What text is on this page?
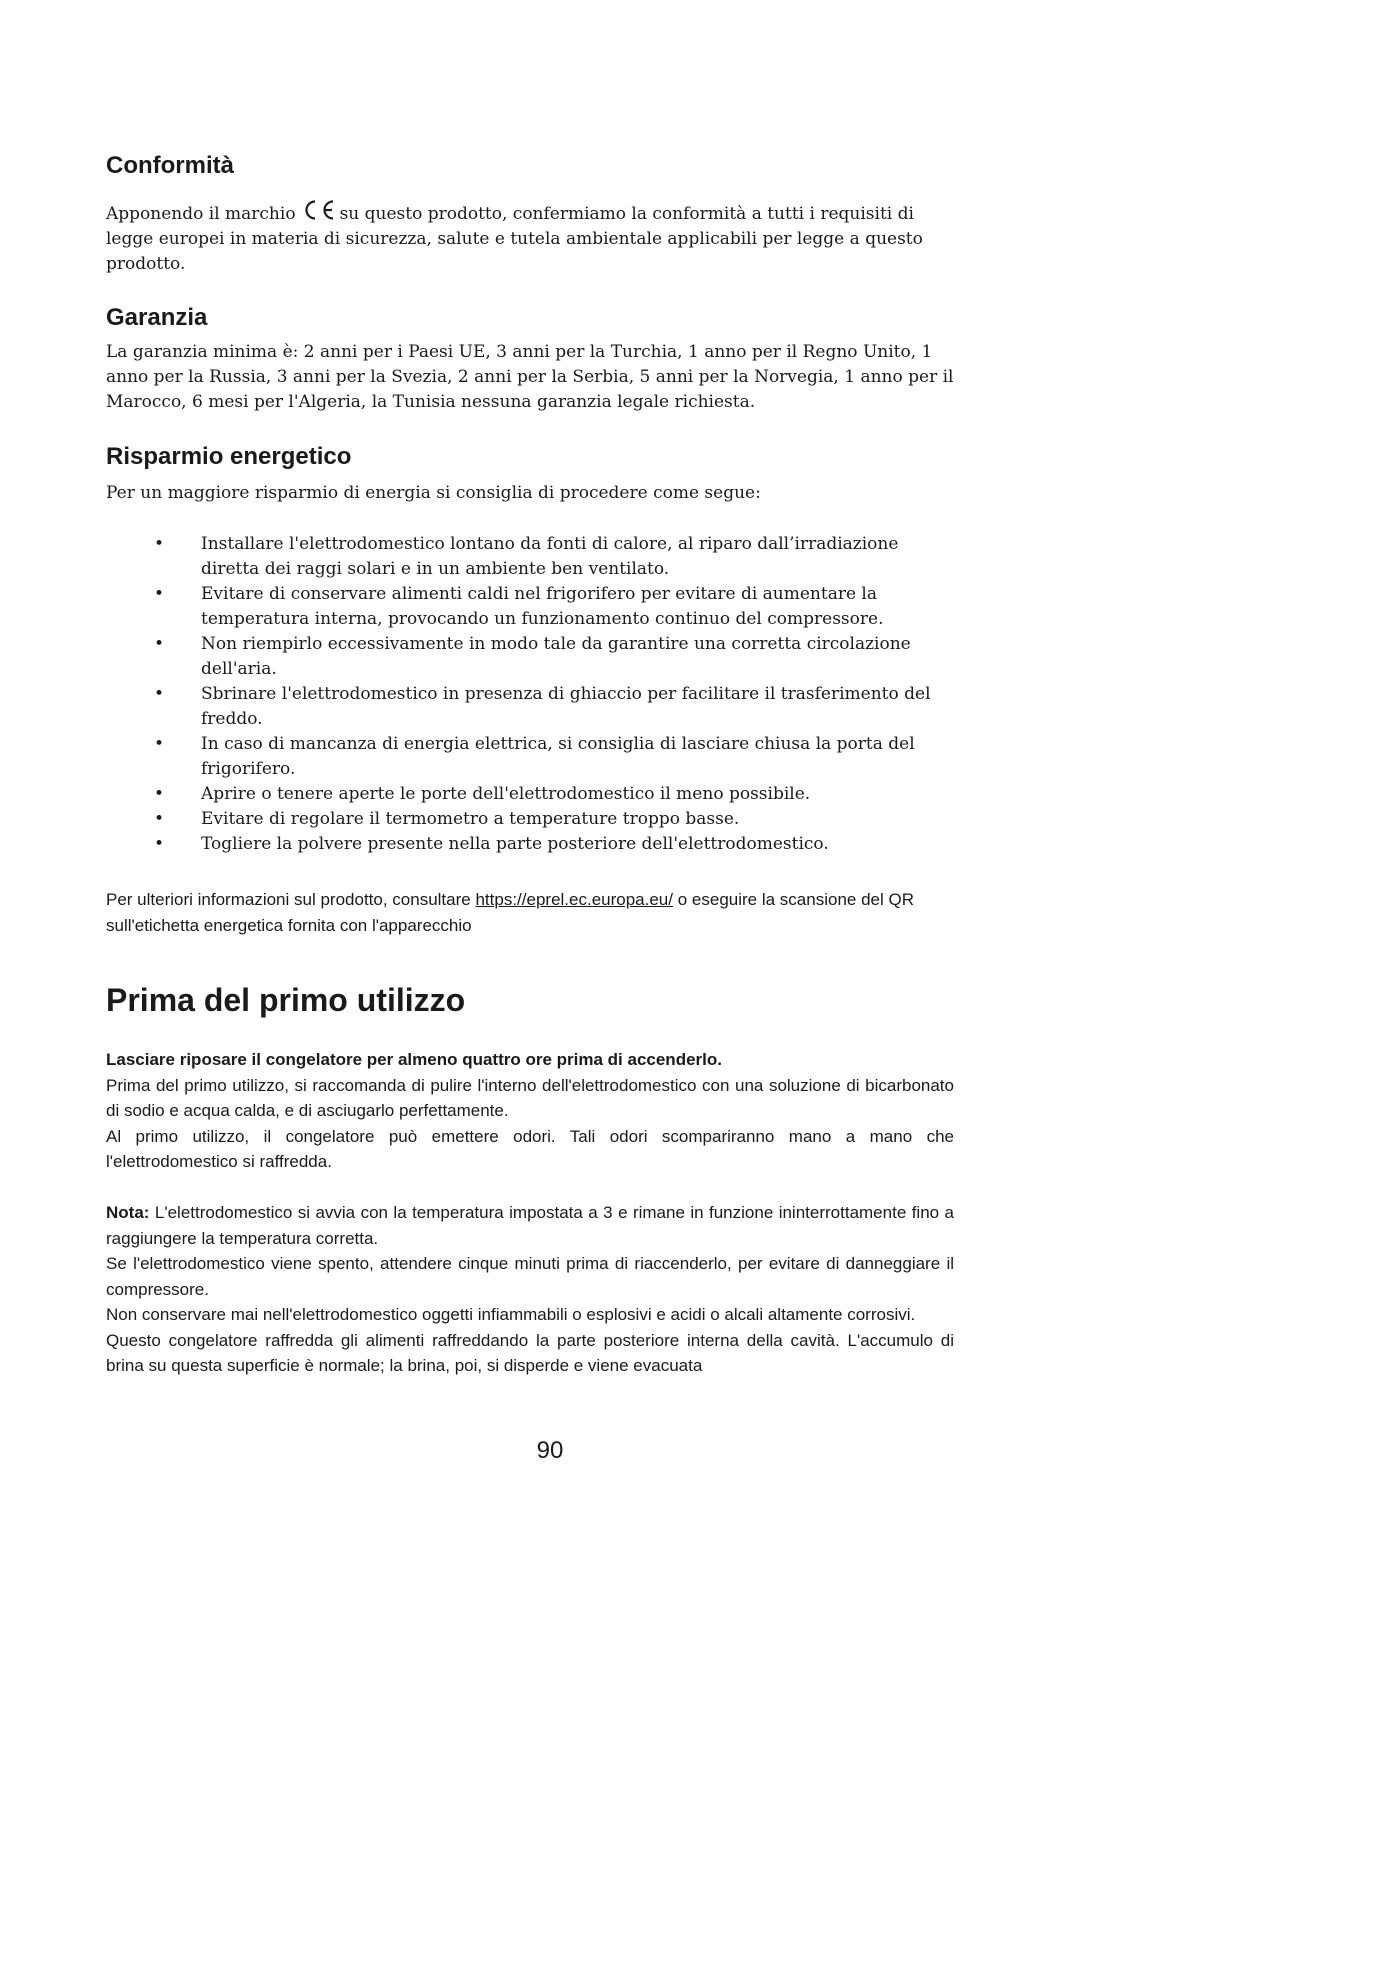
Conformità

Apponendo il marchio	su questo prodotto, confermiamo la conformità a tutti i requisiti di legge europei in materia di sicurezza, salute e tutela ambientale applicabili per legge a questo prodotto.

Garanzia

La garanzia minima è: 2 anni per i Paesi UE, 3 anni per la Turchia, 1 anno per il Regno Unito, 1 anno per la Russia, 3 anni per la Svezia, 2 anni per la Serbia, 5 anni per la Norvegia, 1 anno per il Marocco, 6 mesi per l'Algeria, la Tunisia nessuna garanzia legale richiesta.

Risparmio energetico

Per un maggiore risparmio di energia si consiglia di procedere come segue:

• Installare l'elettrodomestico lontano da fonti di calore, al riparo dall’irradiazione diretta dei raggi solari e in un ambiente ben ventilato.
• Evitare di conservare alimenti caldi nel frigorifero per evitare di aumentare la temperatura interna, provocando un funzionamento continuo del compressore.
• Non riempirlo eccessivamente in modo tale da garantire una corretta circolazione dell'aria.
• Sbrinare l'elettrodomestico in presenza di ghiaccio per facilitare il trasferimento del freddo.
• In caso di mancanza di energia elettrica, si consiglia di lasciare chiusa la porta del frigorifero.
• Aprire o tenere aperte le porte dell'elettrodomestico il meno possibile.
• Evitare di regolare il termometro a temperature troppo basse.
• Togliere la polvere presente nella parte posteriore dell'elettrodomestico.

Per ulteriori informazioni sul prodotto, consultare https://eprel.ec.europa.eu/ o eseguire la scansione del QR sull'etichetta energetica fornita con l'apparecchio

Prima del primo utilizzo

Lasciare riposare il congelatore per almeno quattro ore prima di accenderlo.

Prima del primo utilizzo, si raccomanda di pulire l'interno dell'elettrodomestico con una soluzione di bicarbonato di sodio e acqua calda, e di asciugarlo perfettamente.

Al primo utilizzo, il congelatore può emettere odori. Tali odori scompariranno mano a mano che l'elettrodomestico si raffredda.

Nota: L'elettrodomestico si avvia con la temperatura impostata a 3 e rimane in funzione ininterrottamente fino a raggiungere la temperatura corretta.

Se l'elettrodomestico viene spento, attendere cinque minuti prima di riaccenderlo, per evitare di danneggiare il compressore.

Non conservare mai nell'elettrodomestico oggetti infiammabili o esplosivi e acidi o alcali altamente corrosivi.

Questo congelatore raffredda gli alimenti raffreddando la parte posteriore interna della cavità. L'accumulo di brina su questa superficie è normale; la brina, poi, si disperde e viene evacuata

90
